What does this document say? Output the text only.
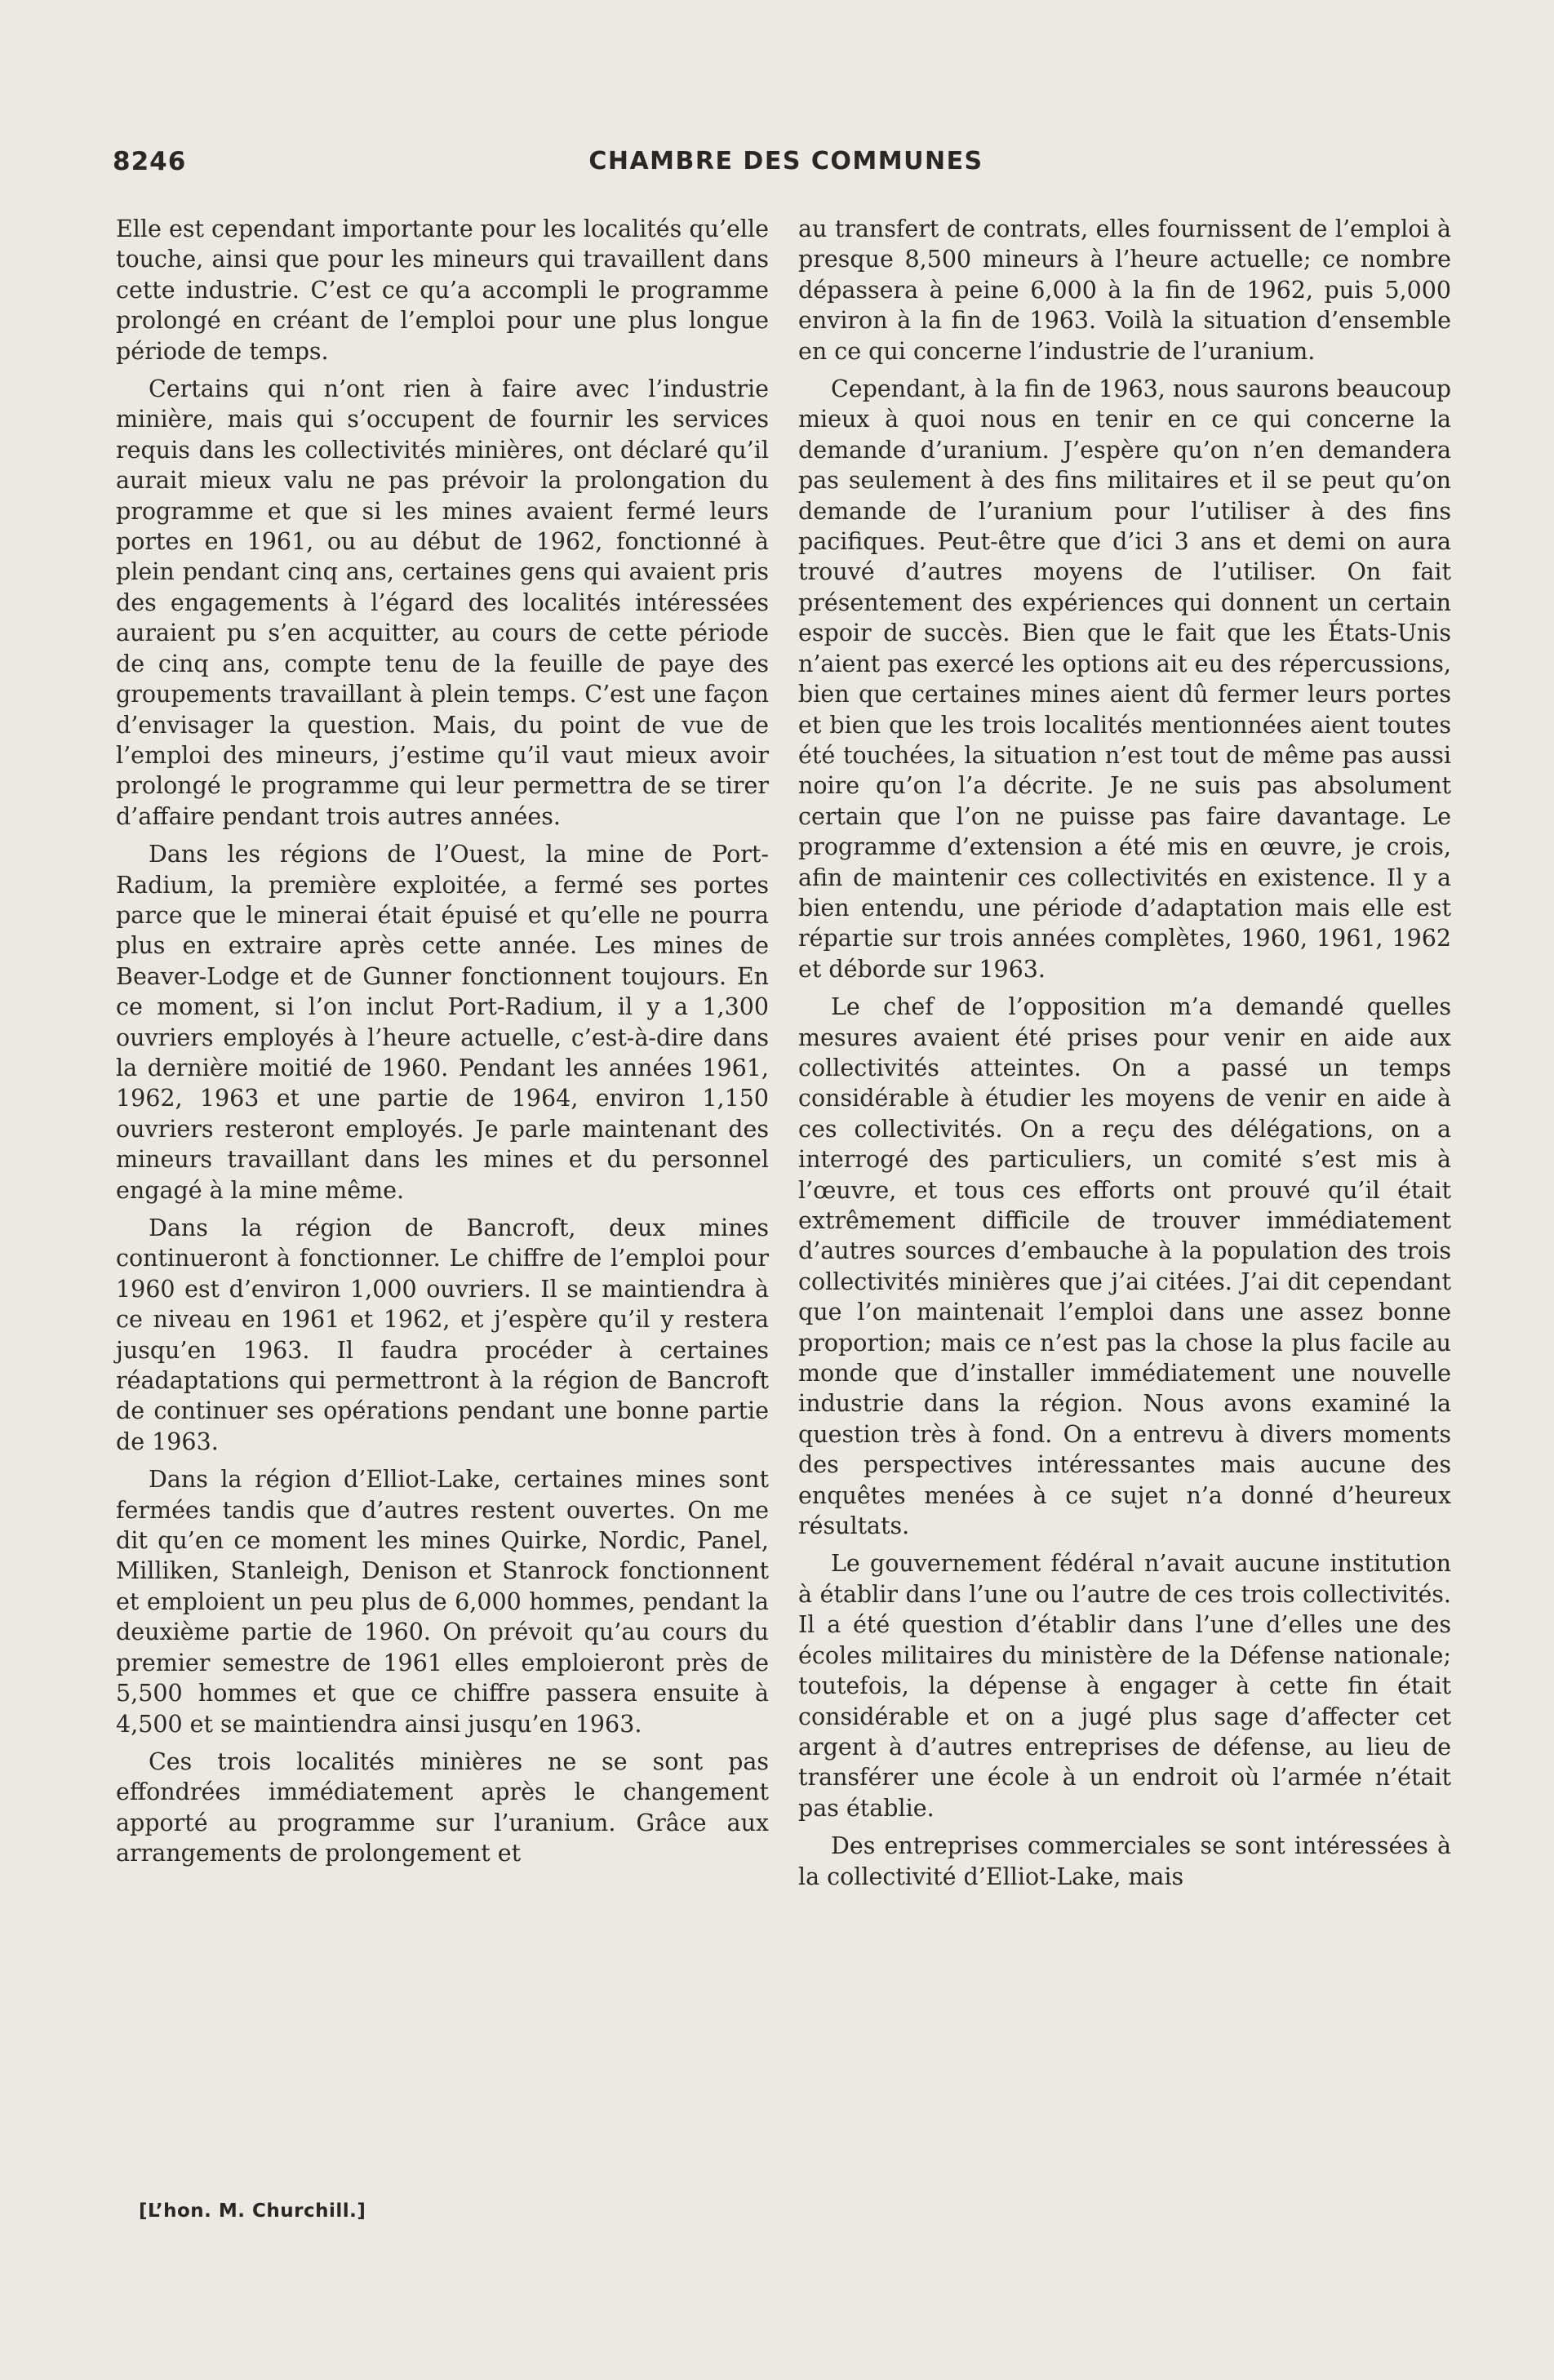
8246	CHAMBRE DES COMMUNES

Elle est cependant importante pour les localités qu’elle touche, ainsi que pour les mineurs qui travaillent dans cette industrie. C’est ce qu’a accompli le programme prolongé en créant de l’emploi pour une plus longue période de temps.

Certains qui n’ont rien à faire avec l’industrie minière, mais qui s’occupent de fournir les services requis dans les collectivités minières, ont déclaré qu’il aurait mieux valu ne pas prévoir la prolongation du programme et que si les mines avaient fermé leurs portes en 1961, ou au début de 1962, fonctionné à plein pendant cinq ans, certaines gens qui avaient pris des engagements à l’égard des localités intéressées auraient pu s’en acquitter, au cours de cette période de cinq ans, compte tenu de la feuille de paye des groupements travaillant à plein temps. C’est une façon d’envisager la question. Mais, du point de vue de l’emploi des mineurs, j’estime qu’il vaut mieux avoir prolongé le programme qui leur permettra de se tirer d’affaire pendant trois autres années.

Dans les régions de l’Ouest, la mine de Port-Radium, la première exploitée, a fermé ses portes parce que le minerai était épuisé et qu’elle ne pourra plus en extraire après cette année. Les mines de Beaver-Lodge et de Gunner fonctionnent toujours. En ce moment, si l’on inclut Port-Radium, il y a 1,300 ouvriers employés à l’heure actuelle, c’est-à-dire dans la dernière moitié de 1960. Pendant les années 1961, 1962, 1963 et une partie de 1964, environ 1,150 ouvriers resteront employés. Je parle maintenant des mineurs travaillant dans les mines et du personnel engagé à la mine même.

Dans la région de Bancroft, deux mines continueront à fonctionner. Le chiffre de l’emploi pour 1960 est d’environ 1,000 ouvriers. Il se maintiendra à ce niveau en 1961 et 1962, et j’espère qu’il y restera jusqu’en 1963. Il faudra procéder à certaines réadaptations qui permettront à la région de Bancroft de continuer ses opérations pendant une bonne partie de 1963.

Dans la région d’Elliot-Lake, certaines mines sont fermées tandis que d’autres restent ouvertes. On me dit qu’en ce moment les mines Quirke, Nordic, Panel, Milliken, Stanleigh, Denison et Stanrock fonctionnent et emploient un peu plus de 6,000 hommes, pendant la deuxième partie de 1960. On prévoit qu’au cours du premier semestre de 1961 elles emploieront près de 5,500 hommes et que ce chiffre passera ensuite à 4,500 et se maintiendra ainsi jusqu’en 1963.

Ces trois localités minières ne se sont pas effondrées immédiatement après le changement apporté au programme sur l’uranium. Grâce aux arrangements de prolongement et

au transfert de contrats, elles fournissent de l’emploi à presque 8,500 mineurs à l’heure actuelle; ce nombre dépassera à peine 6,000 à la fin de 1962, puis 5,000 environ à la fin de 1963. Voilà la situation d’ensemble en ce qui concerne l’industrie de l’uranium.

Cependant, à la fin de 1963, nous saurons beaucoup mieux à quoi nous en tenir en ce qui concerne la demande d’uranium. J’espère qu’on n’en demandera pas seulement à des fins militaires et il se peut qu’on demande de l’uranium pour l’utiliser à des fins pacifiques. Peut-être que d’ici 3 ans et demi on aura trouvé d’autres moyens de l’utiliser. On fait présentement des expériences qui donnent un certain espoir de succès. Bien que le fait que les États-Unis n’aient pas exercé les options ait eu des répercussions, bien que certaines mines aient dû fermer leurs portes et bien que les trois localités mentionnées aient toutes été touchées, la situation n’est tout de même pas aussi noire qu’on l’a décrite. Je ne suis pas absolument certain que l’on ne puisse pas faire davantage. Le programme d’extension a été mis en œuvre, je crois, afin de maintenir ces collectivités en existence. Il y a bien entendu, une période d’adaptation mais elle est répartie sur trois années complètes, 1960, 1961, 1962 et déborde sur 1963.

Le chef de l’opposition m’a demandé quelles mesures avaient été prises pour venir en aide aux collectivités atteintes. On a passé un temps considérable à étudier les moyens de venir en aide à ces collectivités. On a reçu des délégations, on a interrogé des particuliers, un comité s’est mis à l’œuvre, et tous ces efforts ont prouvé qu’il était extrêmement difficile de trouver immédiatement d’autres sources d’embauche à la population des trois collectivités minières que j’ai citées. J’ai dit cependant que l’on maintenait l’emploi dans une assez bonne proportion; mais ce n’est pas la chose la plus facile au monde que d’installer immédiatement une nouvelle industrie dans la région. Nous avons examiné la question très à fond. On a entrevu à divers moments des perspectives intéressantes mais aucune des enquêtes menées à ce sujet n’a donné d’heureux résultats.

Le gouvernement fédéral n’avait aucune institution à établir dans l’une ou l’autre de ces trois collectivités. Il a été question d’établir dans l’une d’elles une des écoles militaires du ministère de la Défense nationale; toutefois, la dépense à engager à cette fin était considérable et on a jugé plus sage d’affecter cet argent à d’autres entreprises de défense, au lieu de transférer une école à un endroit où l’armée n’était pas établie.

Des entreprises commerciales se sont intéressées à la collectivité d’Elliot-Lake, mais

[L’hon. M. Churchill.]
